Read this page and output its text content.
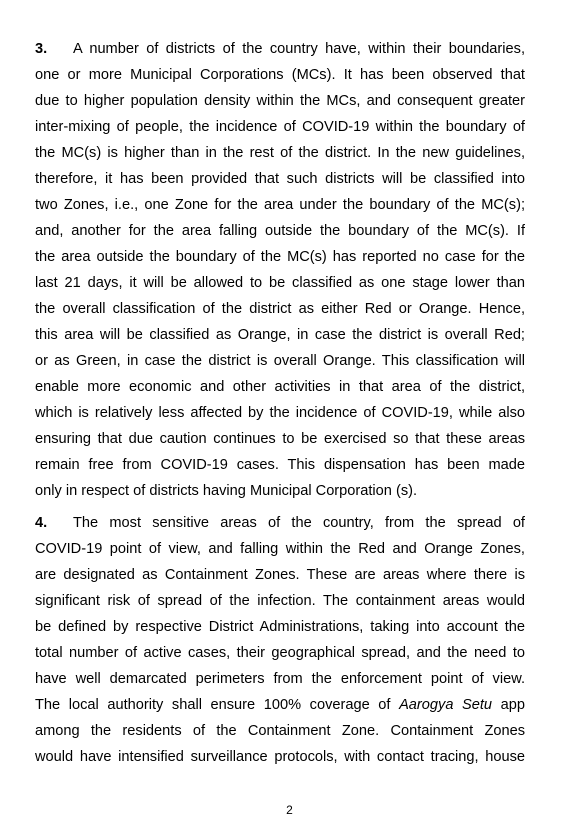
3. A number of districts of the country have, within their boundaries,
one or more Municipal Corporations (MCs). It has been observed that
due to higher population density within the MCs, and consequent greater
inter-mixing of people, the incidence of COVID-19 within the boundary of
the MC(s) is higher than in the rest of the district. In the new guidelines,
therefore, it has been provided that such districts will be classified into
two Zones, i.e., one Zone for the area under the boundary of the MC(s);
and, another for the area falling outside the boundary of the MC(s). If
the area outside the boundary of the MC(s) has reported no case for the
last 21 days, it will be allowed to be classified as one stage lower than
the overall classification of the district as either Red or Orange. Hence,
this area will be classified as Orange, in case the district is overall Red;
or as Green, in case the district is overall Orange. This classification will
enable more economic and other activities in that area of the district,
which is relatively less affected by the incidence of COVID-19, while also
ensuring that due caution continues to be exercised so that these areas
remain free from COVID-19 cases. This dispensation has been made
only in respect of districts having Municipal Corporation (s).

4. The most sensitive areas of the country, from the spread of
COVID-19 point of view, and falling within the Red and Orange Zones,
are designated as Containment Zones. These are areas where there is
significant risk of spread of the infection. The containment areas would
be defined by respective District Administrations, taking into account the
total number of active cases, their geographical spread, and the need to
have well demarcated perimeters from the enforcement point of view.
The local authority shall ensure 100% coverage of Aarogya Setu app
among the residents of the Containment Zone. Containment Zones
would have intensified surveillance protocols, with contact tracing, house

2
